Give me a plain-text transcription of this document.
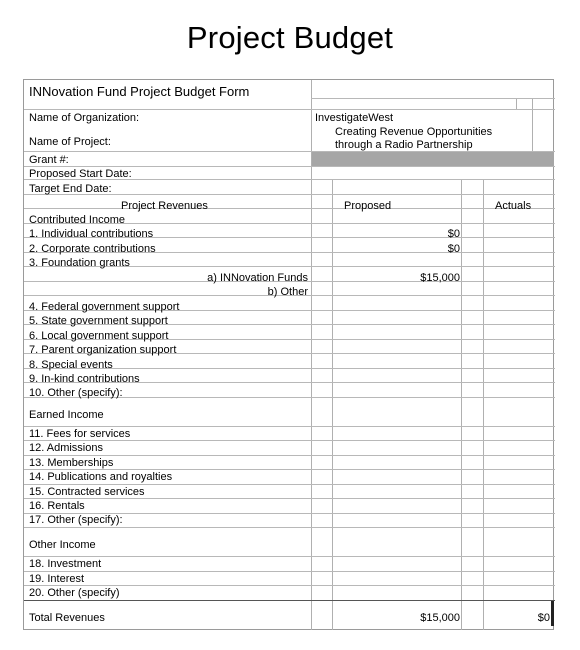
Project Budget
INNovation Fund Project Budget Form
Name of Organization:	InvestigateWest
Name of Project:
Creating Revenue Opportunities
through a Radio Partnership
Grant #:
Proposed Start Date:
Target End Date:
Project Revenues	Proposed	Actuals
Contributed Income
1. Individual contributions	$0
2. Corporate contributions	$0
3. Foundation grants
a) INNovation Funds	$15,000
b) Other
4. Federal government support
5. State government support
6. Local government support
7. Parent organization support
8. Special events
9. In-kind contributions
10. Other (specify):
Earned Income
11. Fees for services
12. Admissions
13. Memberships
14. Publications and royalties
15. Contracted services
16. Rentals
17. Other (specify):
Other Income
18. Investment
19. Interest
20. Other (specify)
Total Revenues	$15,000	$0
